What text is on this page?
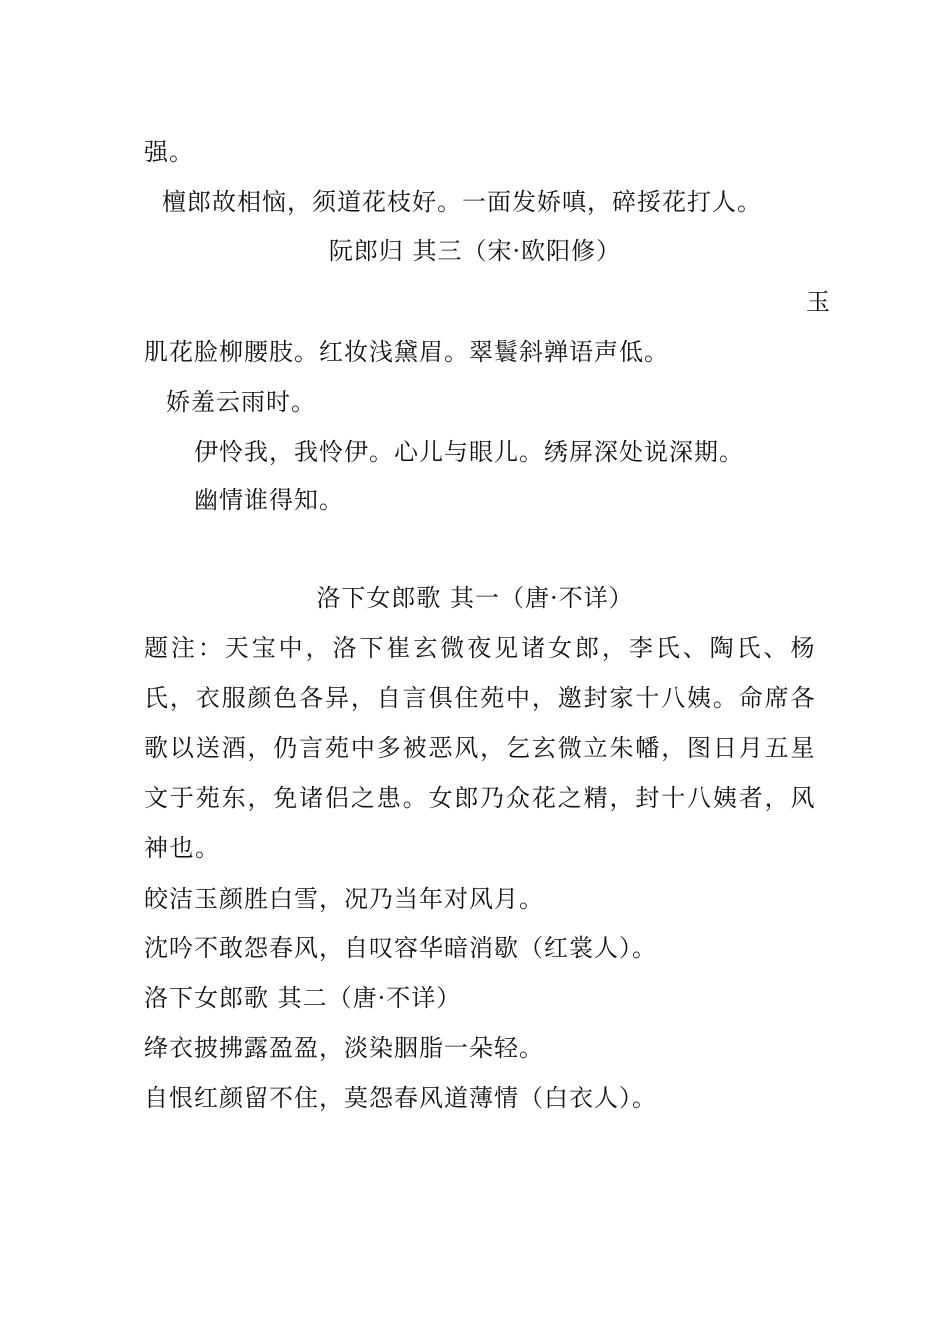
强。
檀郎故相恼，须道花枝好。一面发娇嗔，碎挼花打人。
阮郎归 其三（宋·欧阳修）
玉
肌花脸柳腰肢。红妆浅黛眉。翠鬟斜亸语声低。
娇羞云雨时。
伊怜我，我怜伊。心儿与眼儿。绣屏深处说深期。
幽情谁得知。
洛下女郎歌 其一（唐·不详）
题注：天宝中，洛下崔玄微夜见诸女郎，李氏、陶氏、杨氏，衣服颜色各异，自言俱住苑中，邀封家十八姨。命席各歌以送酒，仍言苑中多被恶风，乞玄微立朱幡，图日月五星文于苑东，免诸侣之患。女郎乃众花之精，封十八姨者，风神也。
皎洁玉颜胜白雪，况乃当年对风月。
沈吟不敢怨春风，自叹容华暗消歇（红裳人）。
洛下女郎歌 其二（唐·不详）
绛衣披拂露盈盈，淡染胭脂一朵轻。
自恨红颜留不住，莫怨春风道薄情（白衣人）。
